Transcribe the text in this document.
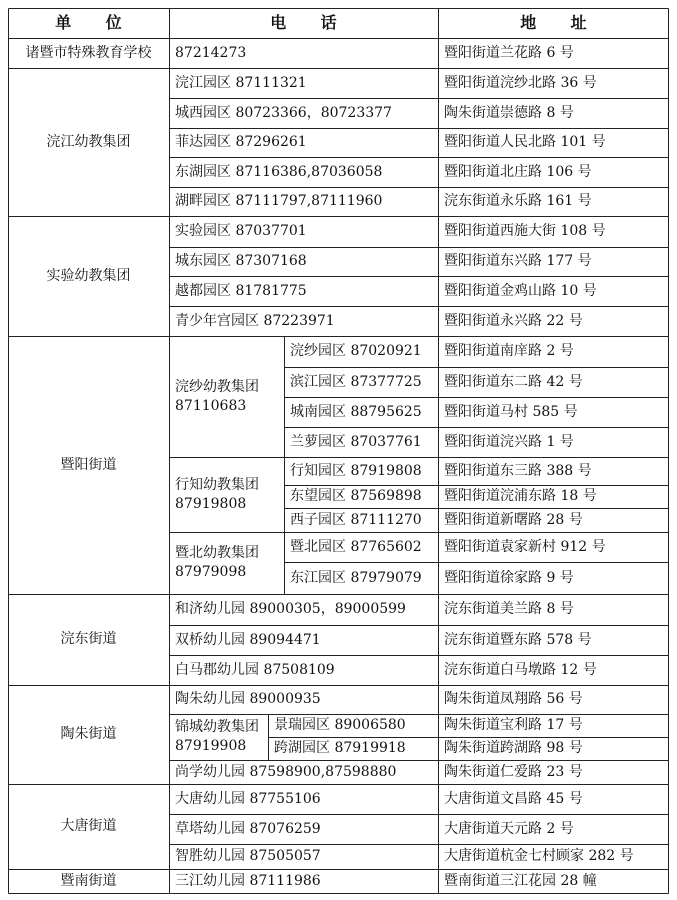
单 位	电 话	地 址
诸暨市特殊教育学校
浣江幼教集团
实验幼教集团
暨阳街道
浣东街道
陶朱街道
大唐街道
暨南街道
浣纱幼教集团
87110683
行知幼教集团
87919808
暨北幼教集团
87979098
锦城幼教集团
87919908
87214273
浣江园区 87111321
城西园区 80723366，80723377
菲达园区 87296261
东湖园区 87116386,87036058
湖畔园区 87111797,87111960
实验园区 87037701
城东园区 87307168
越都园区 81781775
青少年宫园区 87223971
浣纱园区 87020921
滨江园区 87377725
城南园区 88795625
兰萝园区 87037761
行知园区 87919808
东望园区 87569898
西子园区 87111270
暨北园区 87765602
东江园区 87979079
和济幼儿园 89000305，89000599
双桥幼儿园 89094471
白马郡幼儿园 87508109
陶朱幼儿园 89000935
景瑞园区 89006580
跨湖园区 87919918
尚学幼儿园 87598900,87598880
大唐幼儿园 87755106
草塔幼儿园 87076259
智胜幼儿园 87505057
三江幼儿园 87111986
暨阳街道兰花路 6 号
暨阳街道浣纱北路 36 号
陶朱街道崇德路 8 号
暨阳街道人民北路 101 号
暨阳街道北庄路 106 号
浣东街道永乐路 161 号
暨阳街道西施大街 108 号
暨阳街道东兴路 177 号
暨阳街道金鸡山路 10 号
暨阳街道永兴路 22 号
暨阳街道南庠路 2 号
暨阳街道东二路 42 号
暨阳街道马村 585 号
暨阳街道浣兴路 1 号
暨阳街道东三路 388 号
暨阳街道浣浦东路 18 号
暨阳街道新曙路 28 号
暨阳街道袁家新村 912 号
暨阳街道徐家路 9 号
浣东街道美兰路 8 号
浣东街道暨东路 578 号
浣东街道白马墩路 12 号
陶朱街道凤翔路 56 号
陶朱街道宝利路 17 号
陶朱街道跨湖路 98 号
陶朱街道仁爱路 23 号
大唐街道文昌路 45 号
大唐街道天元路 2 号
大唐街道杭金七村顾家 282 号
暨南街道三江花园 28 幢
